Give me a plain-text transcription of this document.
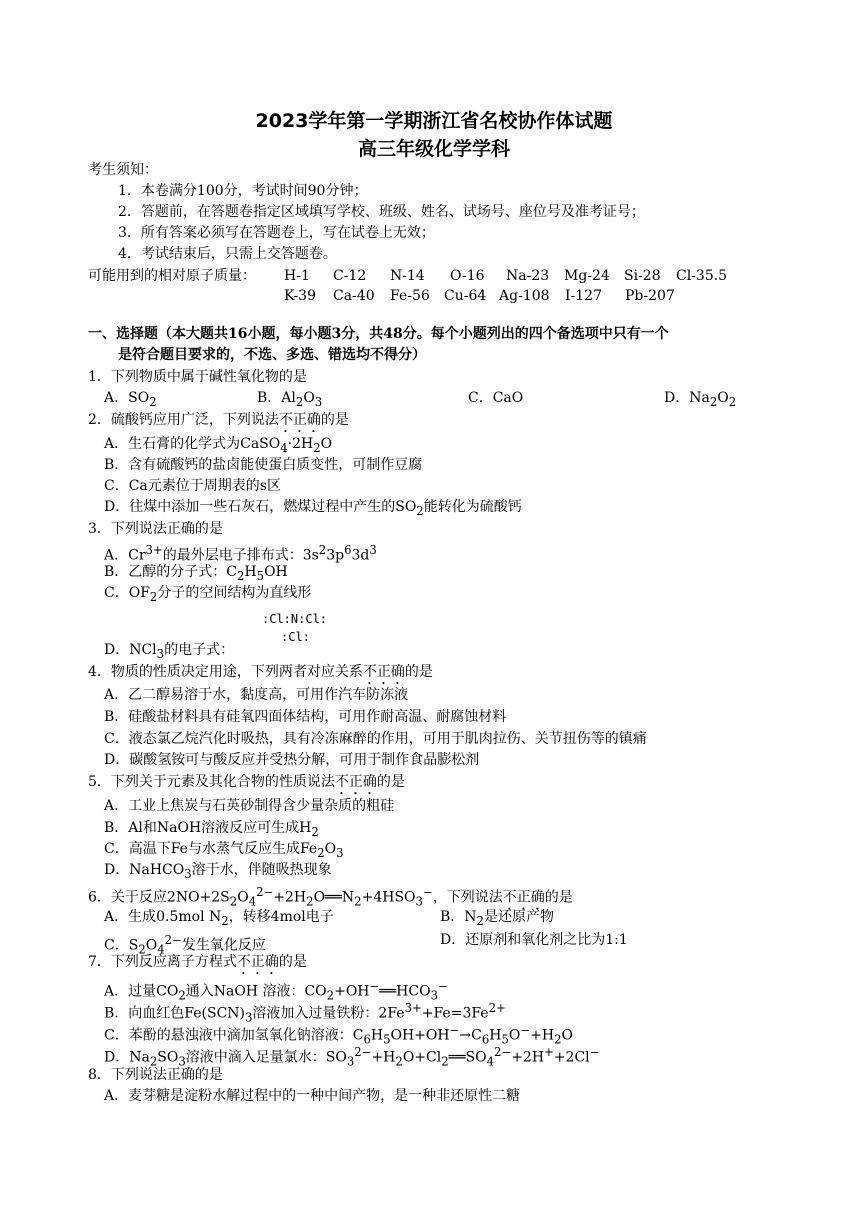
2023学年第一学期浙江省名校协作体试题
高三年级化学学科
考生须知：
1．本卷满分100分，考试时间90分钟；
2．答题前，在答题卷指定区域填写学校、班级、姓名、试场号、座位号及准考证号；
3．所有答案必须写在答题卷上，写在试卷上无效；
4．考试结束后，只需上交答题卷。
可能用到的相对原子质量： H-1 C-12 N-14 O-16 Na-23 Mg-24 Si-28 Cl-35.5
K-39 Ca-40 Fe-56 Cu-64 Ag-108 I-127 Pb-207
一、选择题（本大题共16小题，每小题3分，共48分。每个小题列出的四个备选项中只有一个
是符合题目要求的，不选、多选、错选均不得分）
1．下列物质中属于碱性氧化物的是
A．$SO_2$	B．$Al_2O_3$	C．CaO	D．$Na_2O_2$
2．硫酸钙应用广泛，下列说法不正确的是
A．生石膏的化学式为$CaSO_4\cdot 2H_2O$
B．含有硫酸钙的盐卤能使蛋白质变性，可制作豆腐
C．Ca元素位于周期表的s区
D．往煤中添加一些石灰石，燃煤过程中产生的$SO_2$能转化为硫酸钙
3．下列说法正确的是
A．$Cr^{3+}$的最外层电子排布式：$3s^23p^63d^3$
B．乙醇的分子式：$C_2H_5OH$
C．$OF_2$分子的空间结构为直线形
:Cl:N:Cl:
:Cl:
D．NCl$_3$的电子式：
4．物质的性质决定用途，下列两者对应关系不正确的是
A．乙二醇易溶于水，黏度高，可用作汽车防冻液
B．硅酸盐材料具有硅氧四面体结构，可用作耐高温、耐腐蚀材料
C．液态氯乙烷汽化时吸热，具有冷冻麻醉的作用，可用于肌肉拉伤、关节扭伤等的镇痛
D．碳酸氢铵可与酸反应并受热分解，可用于制作食品膨松剂
5．下列关于元素及其化合物的性质说法不正确的是
A．工业上焦炭与石英砂制得含少量杂质的粗硅
B．Al和NaOH溶液反应可生成$H_2$
C．高温下Fe与水蒸气反应生成$Fe_2O_3$
D．NaHCO$_3$溶于水，伴随吸热现象
6．关于反应$2NO+2S_2O_4^{2-}+2H_2O══N_2+4HSO_3^-$，下列说法不正确的是
A．生成0.5mol $N_2$，转移4mol电子	B．$N_2$是还原产物
C．$S_2O_4^{2-}$发生氧化反应	D．还原剂和氧化剂之比为1:1
7．下列反应离子方程式不正确的是
A．过量$CO_2$通入NaOH 溶液：$CO_2+OH^-══HCO_3^-$
B．向血红色$Fe(SCN)_3$溶液加入过量铁粉：$2Fe^{3+}+Fe=3Fe^{2+}$
C．苯酚的悬浊液中滴加氢氧化钠溶液：$C_6H_5OH+OH^-\to C_6H_5O^-+H_2O$
D．$Na_2SO_3$溶液中滴入足量氯水：$SO_3^{2-}+H_2O+Cl_2══SO_4^{2-}+2H^++2Cl^-$
8．下列说法正确的是
A．麦芽糖是淀粉水解过程中的一种中间产物，是一种非还原性二糖
